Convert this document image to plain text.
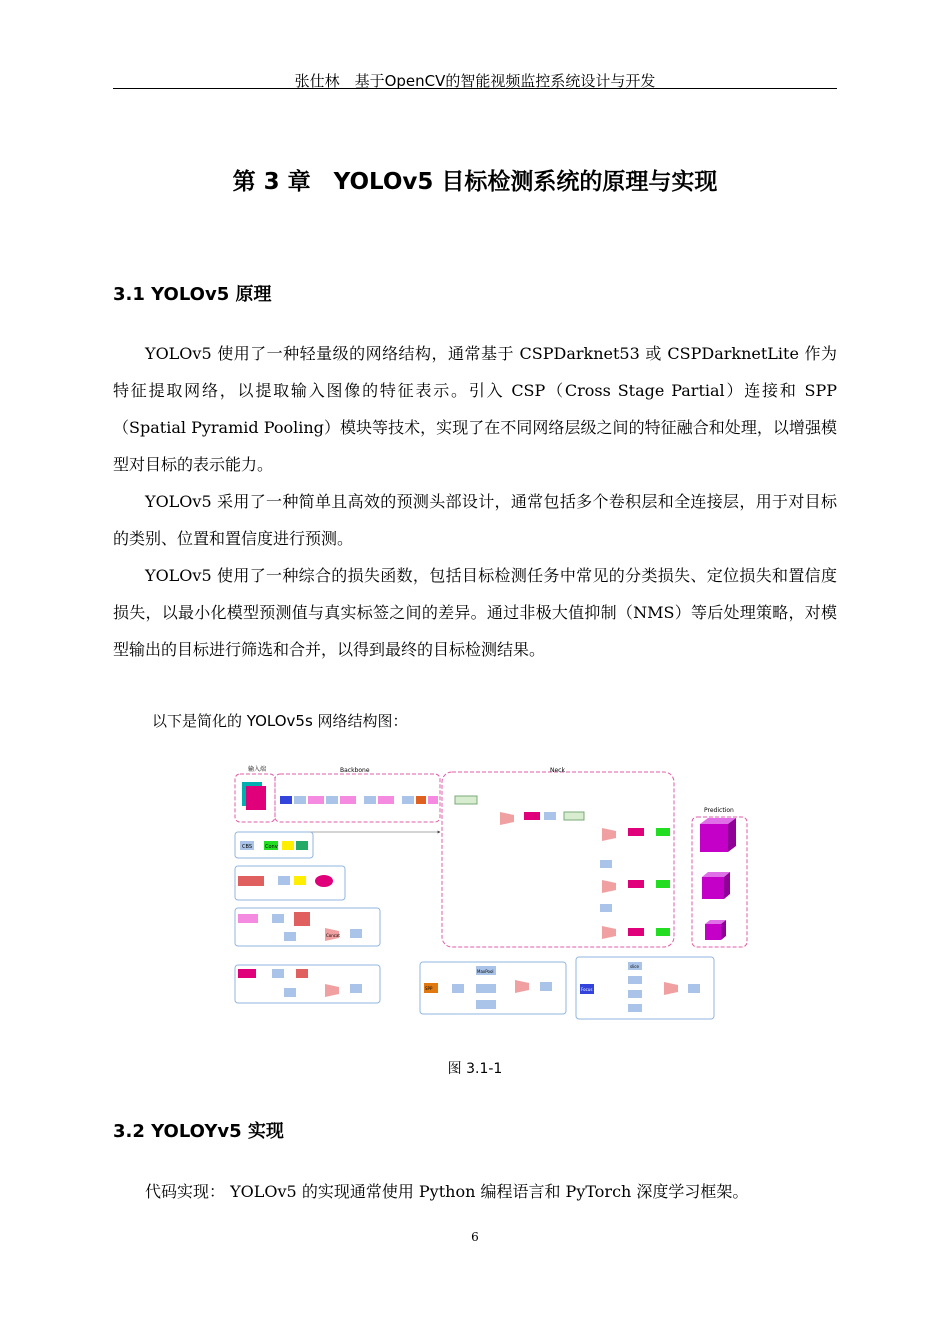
张仕林　基于OpenCV的智能视频监控系统设计与开发
第 3 章　YOLOv5 目标检测系统的原理与实现
3.1 YOLOv5 原理

YOLOv5 使用了一种轻量级的网络结构，通常基于 CSPDarknet53 或 CSPDarknetLite 作为特征提取网络，以提取输入图像的特征表示。引入 CSP（Cross Stage Partial）连接和 SPP（Spatial Pyramid Pooling）模块等技术，实现了在不同网络层级之间的特征融合和处理，以增强模型对目标的表示能力。

YOLOv5 采用了一种简单且高效的预测头部设计，通常包括多个卷积层和全连接层，用于对目标的类别、位置和置信度进行预测。

YOLOv5 使用了一种综合的损失函数，包括目标检测任务中常见的分类损失、定位损失和置信度损失，以最小化模型预测值与真实标签之间的差异。通过非极大值抑制（NMS）等后处理策略，对模型输出的目标进行筛选和合并，以得到最终的目标检测结果。

以下是简化的 YOLOv5s 网络结构图：
输入端	Backbone	Neck
Prediction
CBS	Conv
Concat
SPP
MaxPool
Focus
slice
图 3.1-1
3.2 YOLOYv5 实现

代码实现： YOLOv5 的实现通常使用 Python 编程语言和 PyTorch 深度学习框架。

6
